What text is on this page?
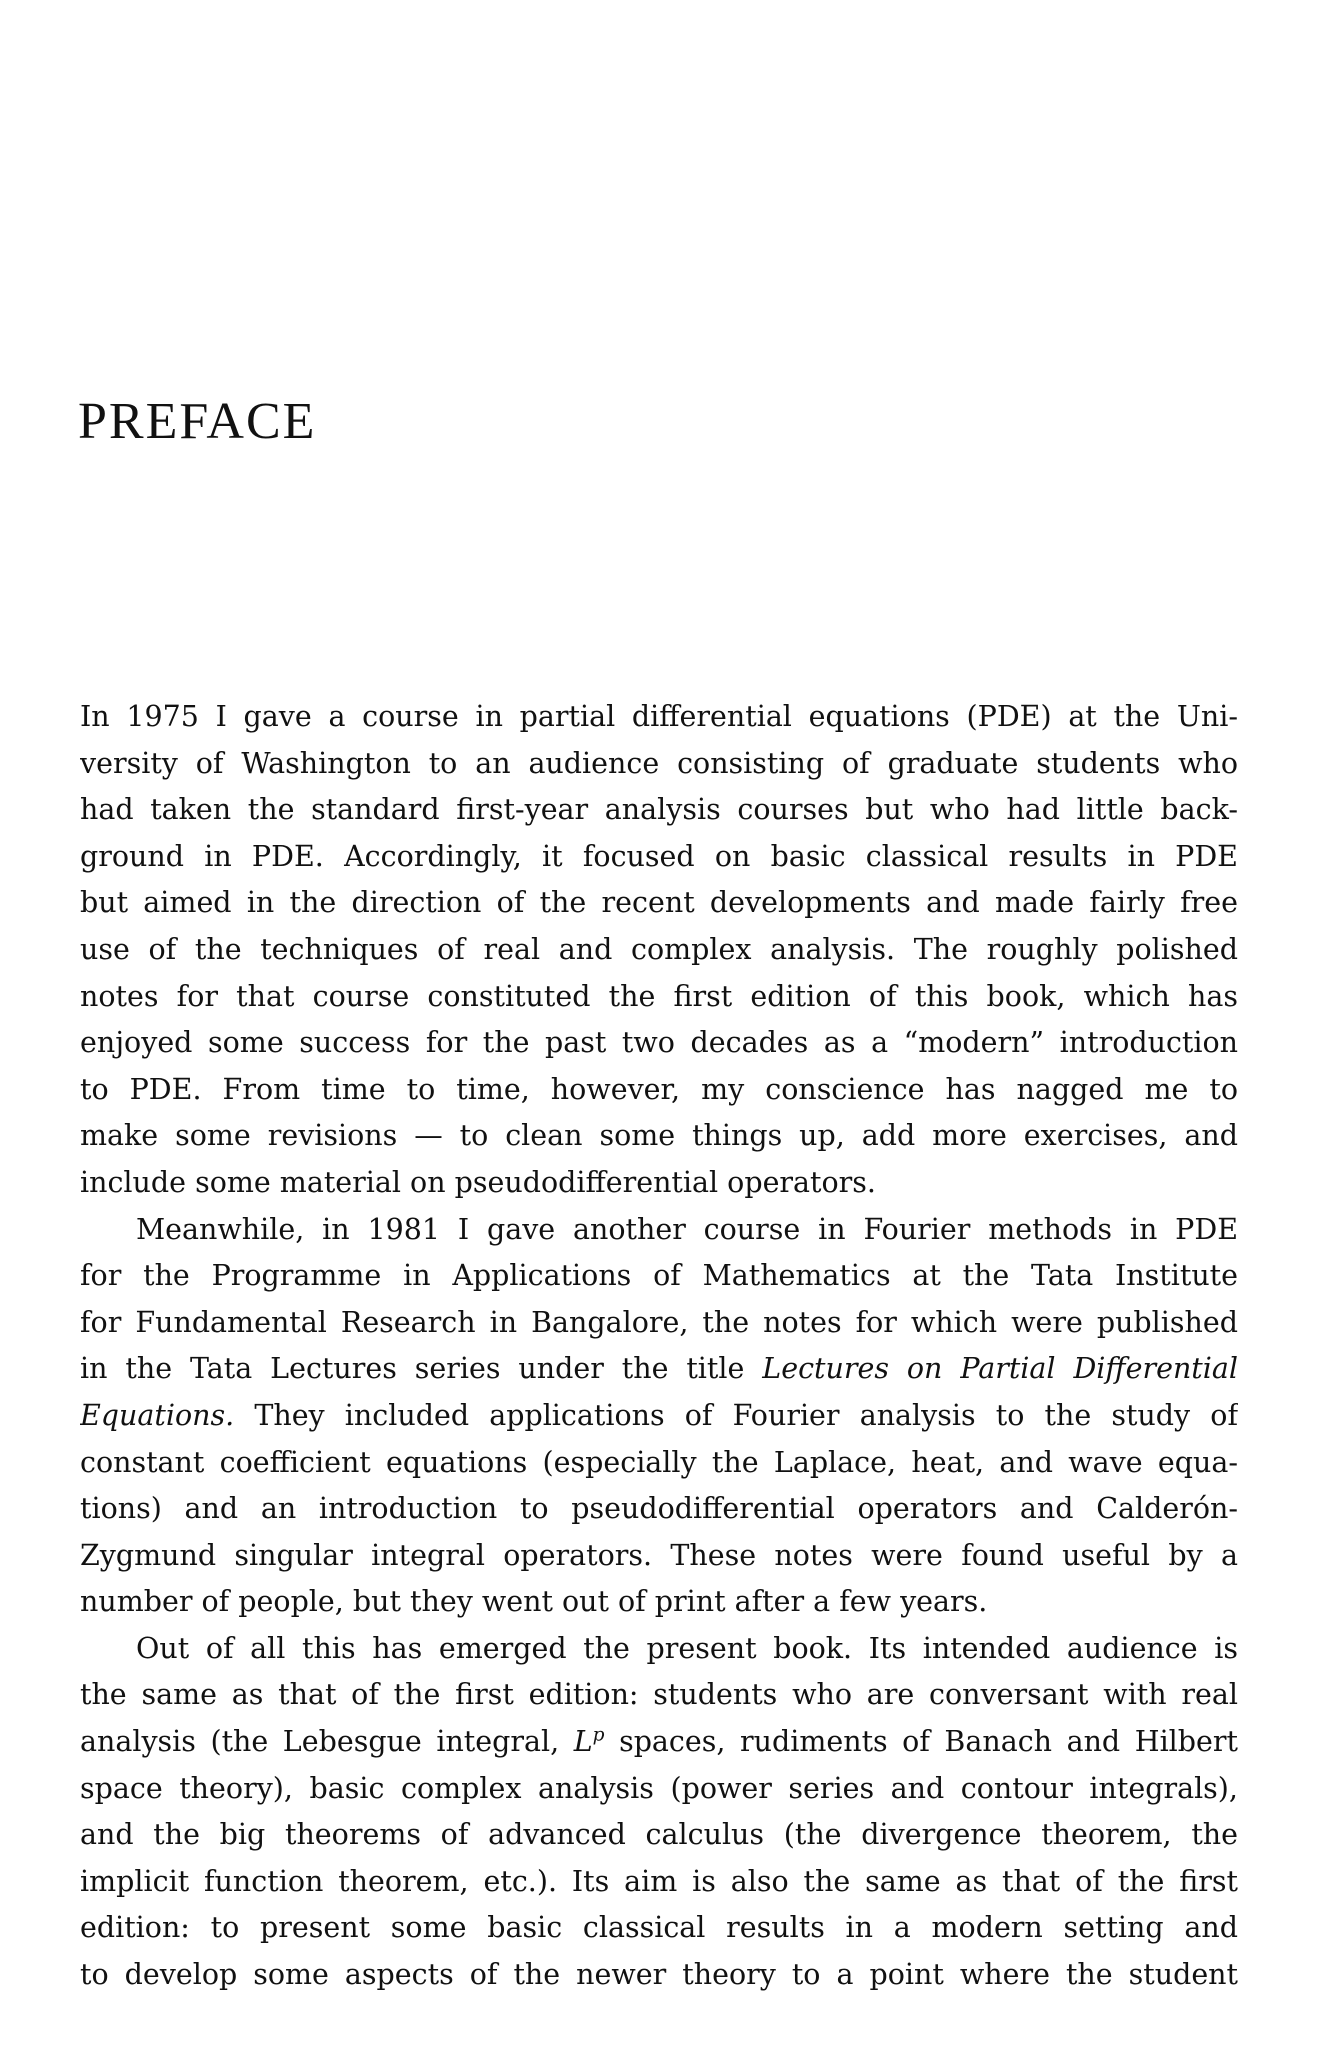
PREFACE
In 1975 I gave a course in partial differential equations (PDE) at the Uni-
versity of Washington to an audience consisting of graduate students who
had taken the standard first-year analysis courses but who had little back-
ground in PDE. Accordingly, it focused on basic classical results in PDE
but aimed in the direction of the recent developments and made fairly free
use of the techniques of real and complex analysis. The roughly polished
notes for that course constituted the first edition of this book, which has
enjoyed some success for the past two decades as a “modern” introduction
to PDE. From time to time, however, my conscience has nagged me to
make some revisions — to clean some things up, add more exercises, and
include some material on pseudodifferential operators.
Meanwhile, in 1981 I gave another course in Fourier methods in PDE
for the Programme in Applications of Mathematics at the Tata Institute
for Fundamental Research in Bangalore, the notes for which were published
in the Tata Lectures series under the title Lectures on Partial Differential
Equations. They included applications of Fourier analysis to the study of
constant coefficient equations (especially the Laplace, heat, and wave equa-
tions) and an introduction to pseudodifferential operators and Calderón-
Zygmund singular integral operators. These notes were found useful by a
number of people, but they went out of print after a few years.
Out of all this has emerged the present book. Its intended audience is
the same as that of the first edition: students who are conversant with real
analysis (the Lebesgue integral, $L^p$ spaces, rudiments of Banach and Hilbert
space theory), basic complex analysis (power series and contour integrals),
and the big theorems of advanced calculus (the divergence theorem, the
implicit function theorem, etc.). Its aim is also the same as that of the first
edition: to present some basic classical results in a modern setting and
to develop some aspects of the newer theory to a point where the student
